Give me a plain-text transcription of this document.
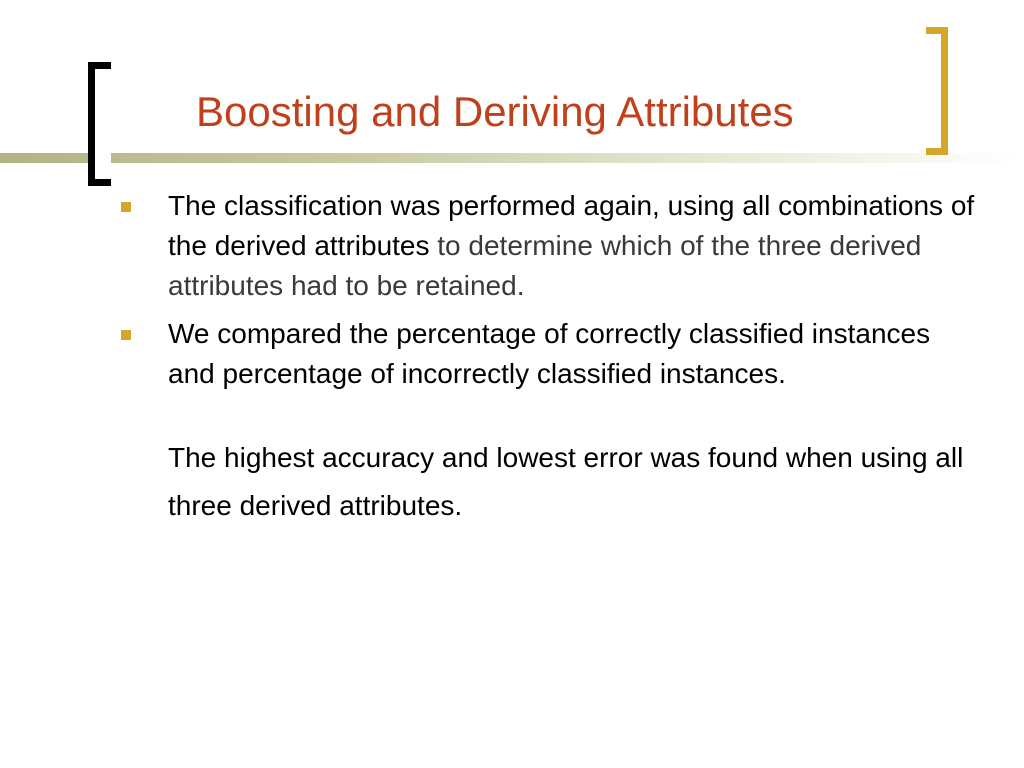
Boosting and Deriving Attributes

The classification was performed again, using all combinations of the derived attributes to determine which of the three derived attributes had to be retained.

We compared the percentage of correctly classified instances and percentage of incorrectly classified instances.

The highest accuracy and lowest error was found when using all three derived attributes.
